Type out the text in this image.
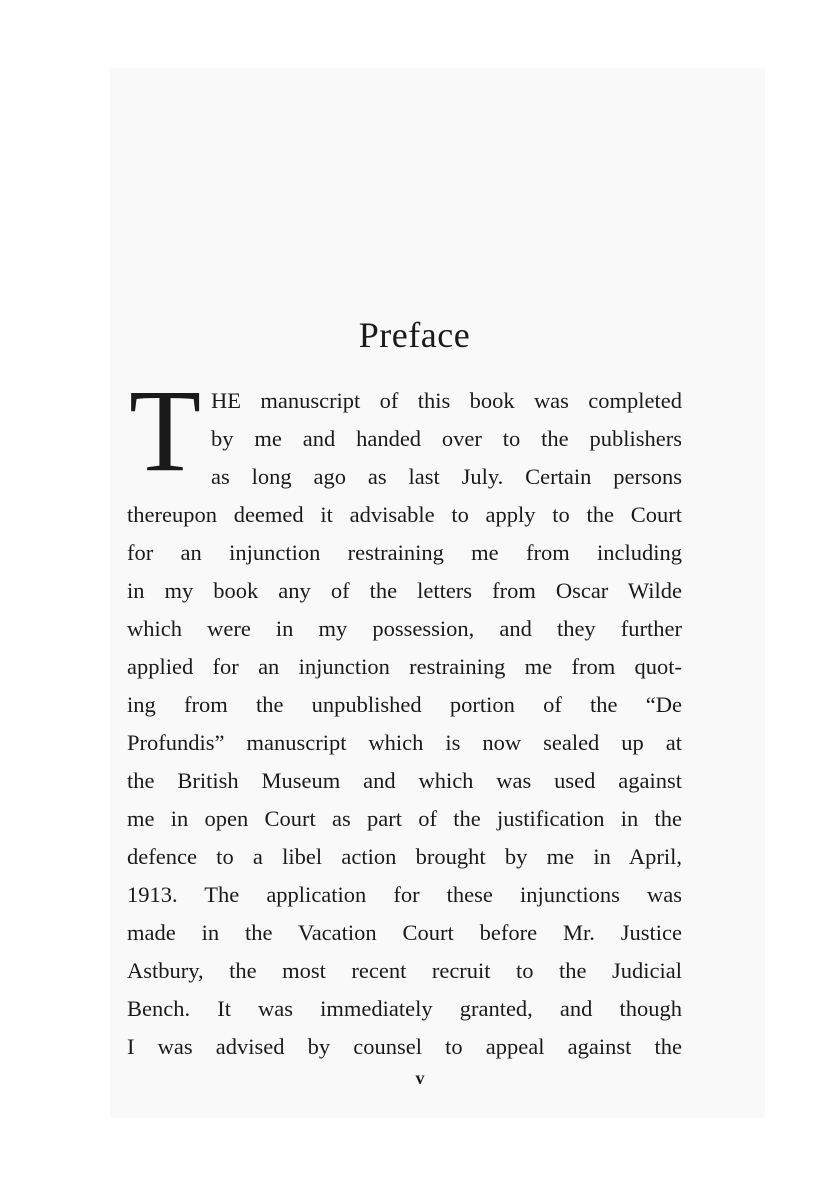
Preface
T HE manuscript of this book was completed
by me and handed over to the publishers
as long ago as last July. Certain persons
thereupon deemed it advisable to apply to the Court
for an injunction restraining me from including
in my book any of the letters from Oscar Wilde
which were in my possession, and they further
applied for an injunction restraining me from quot-
ing from the unpublished portion of the “De
Profundis” manuscript which is now sealed up at
the British Museum and which was used against
me in open Court as part of the justification in the
defence to a libel action brought by me in April,
1913. The application for these injunctions was
made in the Vacation Court before Mr. Justice
Astbury, the most recent recruit to the Judicial
Bench. It was immediately granted, and though
I was advised by counsel to appeal against the
v
